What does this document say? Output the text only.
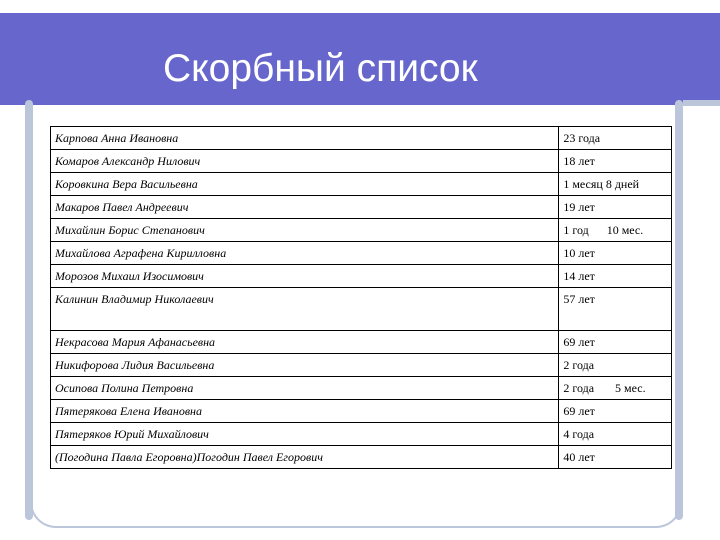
Скорбный список
Карпова Анна Ивановна	23 года
Комаров Александр Нилович	18 лет
Коровкина Вера Васильевна	1 месяц 8 дней
Макаров Павел Андреевич	19 лет
Михайлин Борис Степанович	1 год      10 мес.
Михайлова Аграфена Кирилловна	10 лет
Морозов Михаил Изосимович	14 лет
Калинин Владимир Николаевич	57 лет
Некрасова Мария Афанасьевна	69 лет
Никифорова Лидия Васильевна	2 года
Осипова Полина Петровна	2 года       5 мес.
Пятерякова Елена Ивановна	69 лет
Пятеряков Юрий Михайлович	4 года
(Погодина Павла Егоровна)Погодин Павел Егорович	40 лет
